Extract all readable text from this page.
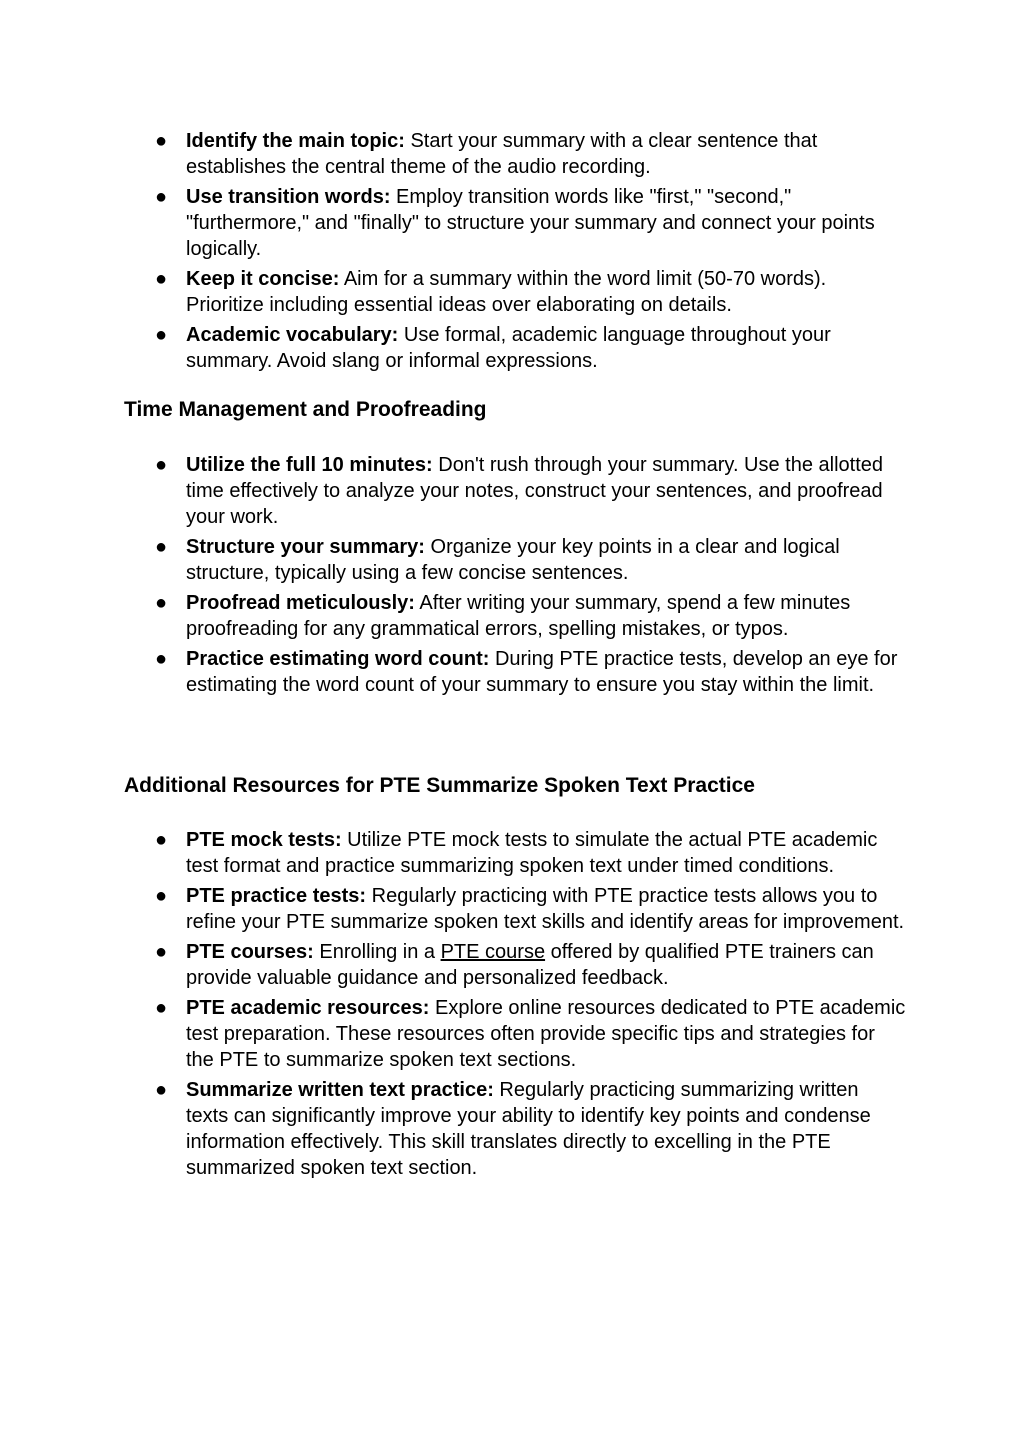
● Identify the main topic: Start your summary with a clear sentence that establishes the central theme of the audio recording.
● Use transition words: Employ transition words like "first," "second," "furthermore," and "finally" to structure your summary and connect your points logically.
● Keep it concise: Aim for a summary within the word limit (50-70 words). Prioritize including essential ideas over elaborating on details.
● Academic vocabulary: Use formal, academic language throughout your summary. Avoid slang or informal expressions.
Time Management and Proofreading
● Utilize the full 10 minutes: Don't rush through your summary. Use the allotted time effectively to analyze your notes, construct your sentences, and proofread your work.
● Structure your summary: Organize your key points in a clear and logical structure, typically using a few concise sentences.
● Proofread meticulously: After writing your summary, spend a few minutes proofreading for any grammatical errors, spelling mistakes, or typos.
● Practice estimating word count: During PTE practice tests, develop an eye for estimating the word count of your summary to ensure you stay within the limit.
Additional Resources for PTE Summarize Spoken Text Practice
● PTE mock tests: Utilize PTE mock tests to simulate the actual PTE academic test format and practice summarizing spoken text under timed conditions.
● PTE practice tests: Regularly practicing with PTE practice tests allows you to refine your PTE summarize spoken text skills and identify areas for improvement.
● PTE courses: Enrolling in a PTE course offered by qualified PTE trainers can provide valuable guidance and personalized feedback.
● PTE academic resources: Explore online resources dedicated to PTE academic test preparation. These resources often provide specific tips and strategies for the PTE to summarize spoken text sections.
● Summarize written text practice: Regularly practicing summarizing written texts can significantly improve your ability to identify key points and condense information effectively. This skill translates directly to excelling in the PTE summarized spoken text section.
